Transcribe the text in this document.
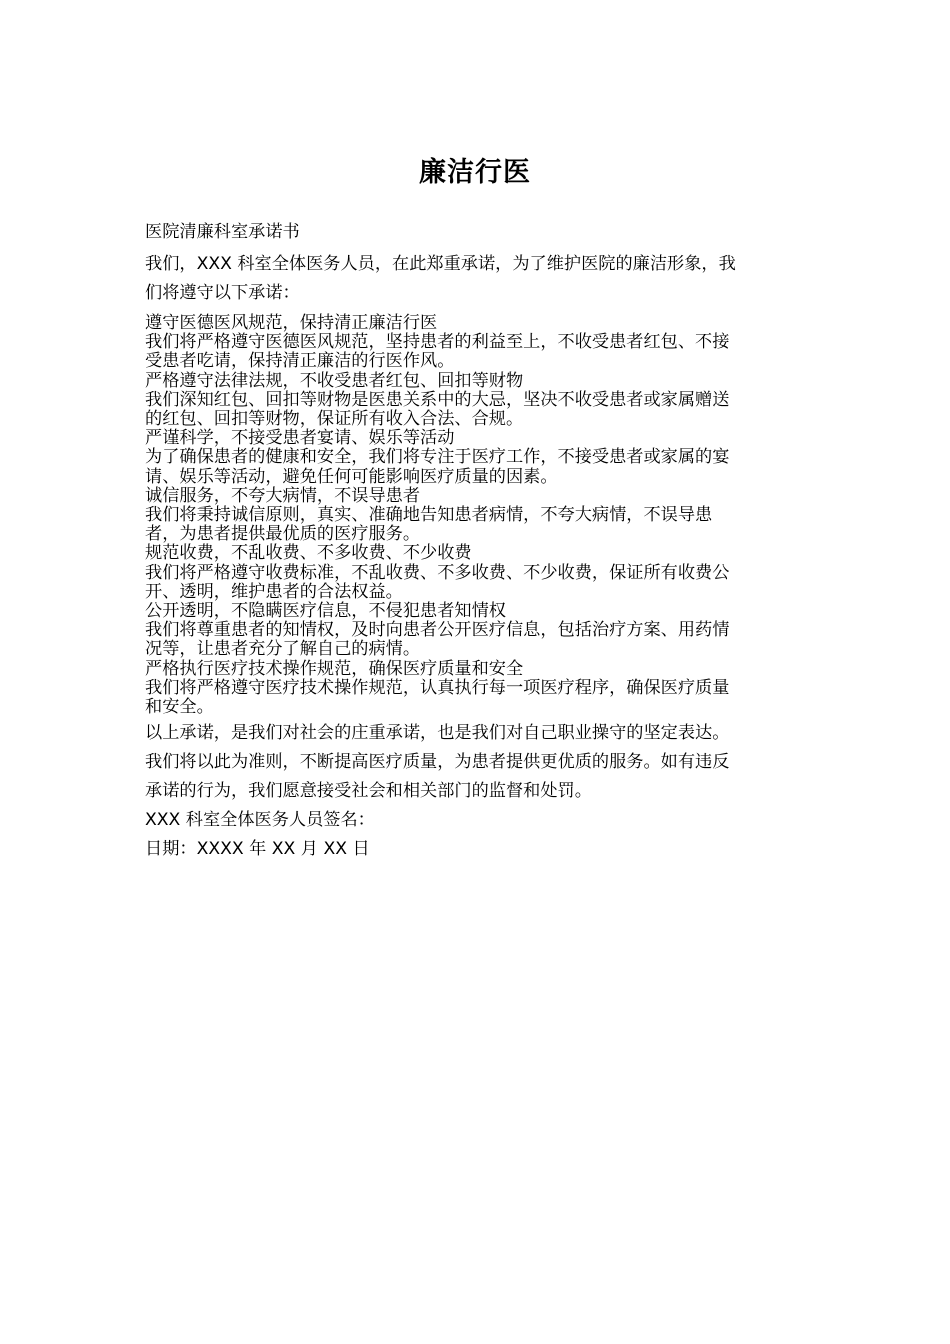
廉洁行医

医院清廉科室承诺书

我们，XXX 科室全体医务人员，在此郑重承诺，为了维护医院的廉洁形象，我

们将遵守以下承诺：

遵守医德医风规范，保持清正廉洁行医

我们将严格遵守医德医风规范，坚持患者的利益至上，不收受患者红包、不接

受患者吃请，保持清正廉洁的行医作风。

严格遵守法律法规，不收受患者红包、回扣等财物

我们深知红包、回扣等财物是医患关系中的大忌，坚决不收受患者或家属赠送

的红包、回扣等财物，保证所有收入合法、合规。

严谨科学，不接受患者宴请、娱乐等活动

为了确保患者的健康和安全，我们将专注于医疗工作，不接受患者或家属的宴

请、娱乐等活动，避免任何可能影响医疗质量的因素。

诚信服务，不夸大病情，不误导患者

我们将秉持诚信原则，真实、准确地告知患者病情，不夸大病情，不误导患

者，为患者提供最优质的医疗服务。

规范收费，不乱收费、不多收费、不少收费

我们将严格遵守收费标准，不乱收费、不多收费、不少收费，保证所有收费公

开、透明，维护患者的合法权益。

公开透明，不隐瞒医疗信息，不侵犯患者知情权

我们将尊重患者的知情权，及时向患者公开医疗信息，包括治疗方案、用药情

况等，让患者充分了解自己的病情。

严格执行医疗技术操作规范，确保医疗质量和安全

我们将严格遵守医疗技术操作规范，认真执行每一项医疗程序，确保医疗质量

和安全。

以上承诺，是我们对社会的庄重承诺，也是我们对自己职业操守的坚定表达。

我们将以此为准则，不断提高医疗质量，为患者提供更优质的服务。如有违反

承诺的行为，我们愿意接受社会和相关部门的监督和处罚。

XXX 科室全体医务人员签名：

日期：XXXX 年 XX 月 XX 日
